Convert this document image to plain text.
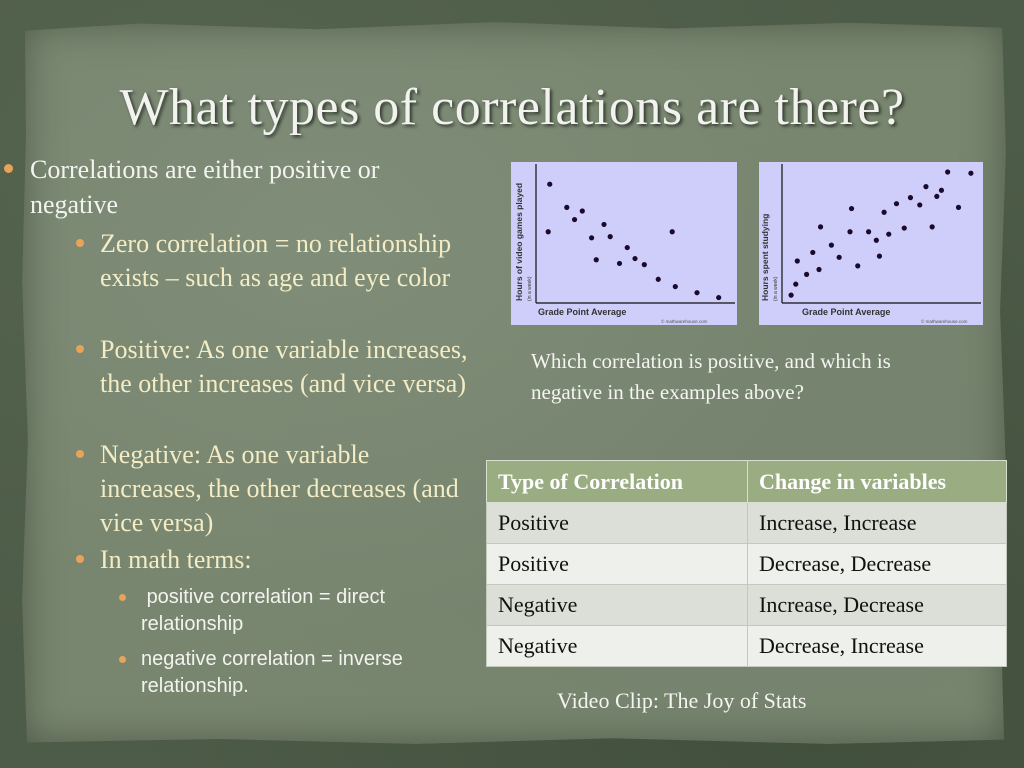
What types of correlations are there?
Correlations are either positive or negative
Zero correlation = no relationship exists – such as age and eye color
Positive: As one variable increases, the other increases (and vice versa)
Negative: As one variable increases, the other decreases (and vice versa)
In math terms:
positive correlation = direct relationship
negative correlation = inverse relationship.
Hours of video games played (in a week)
Grade Point Average
© mathwarehouse.com
Hours spent studying (in a week)
Grade Point Average
© mathwarehouse.com
Which correlation is positive, and which is negative in the examples above?
Type of Correlation	Change in variables
Positive	Increase, Increase
Positive	Decrease, Decrease
Negative	Increase, Decrease
Negative	Decrease, Increase
Video Clip: The Joy of Stats
